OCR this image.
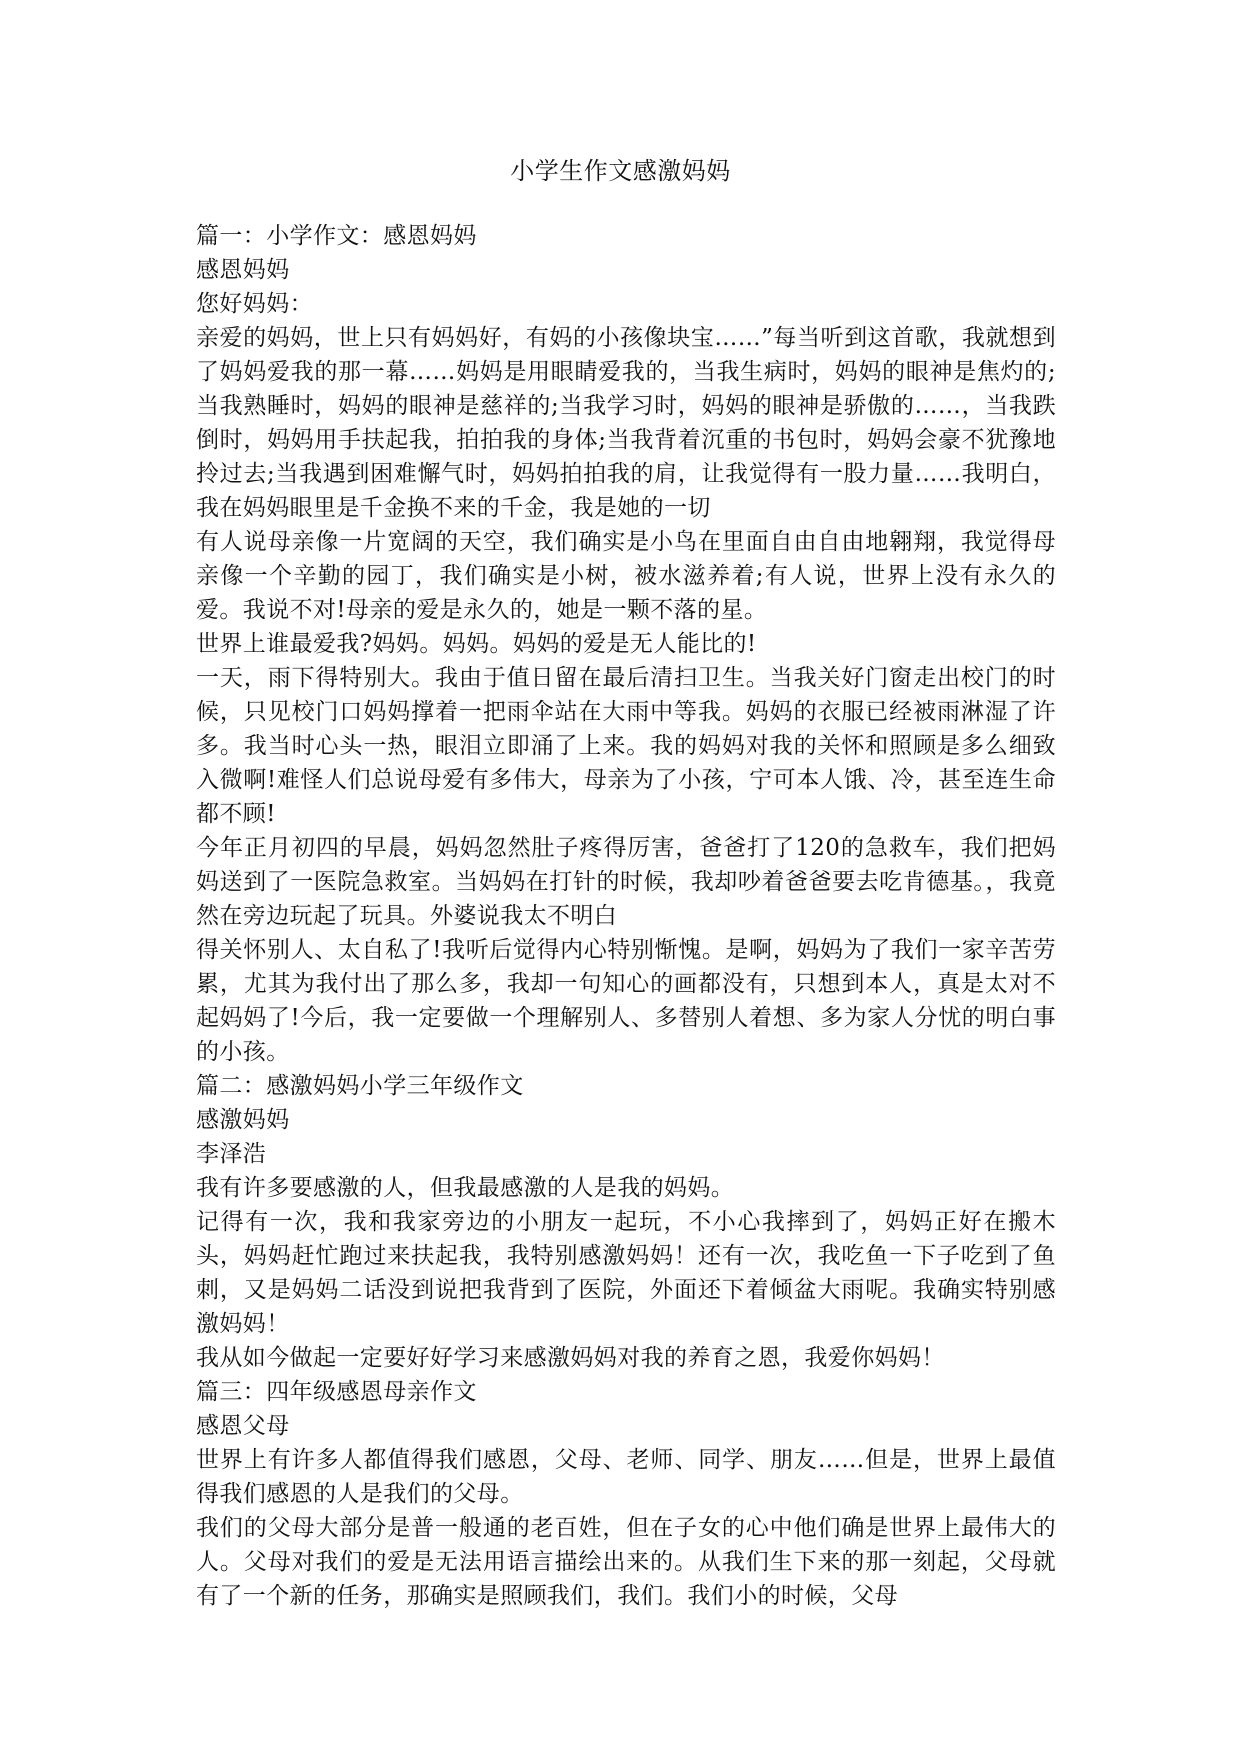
小学生作文感激妈妈

篇一：小学作文：感恩妈妈

感恩妈妈

您好妈妈：

亲爱的妈妈，世上只有妈妈好，有妈的小孩像块宝……”每当听到这首歌，我就想到了妈妈爱我的那一幕……妈妈是用眼睛爱我的，当我生病时，妈妈的眼神是焦灼的;当我熟睡时，妈妈的眼神是慈祥的;当我学习时，妈妈的眼神是骄傲的……，当我跌倒时，妈妈用手扶起我，拍拍我的身体;当我背着沉重的书包时，妈妈会豪不犹豫地拎过去;当我遇到困难懈气时，妈妈拍拍我的肩，让我觉得有一股力量……我明白，我在妈妈眼里是千金换不来的千金，我是她的一切

有人说母亲像一片宽阔的天空，我们确实是小鸟在里面自由自由地翱翔，我觉得母亲像一个辛勤的园丁，我们确实是小树，被水滋养着;有人说，世界上没有永久的爱。我说不对!母亲的爱是永久的，她是一颗不落的星。

世界上谁最爱我?妈妈。妈妈。妈妈的爱是无人能比的!

一天，雨下得特别大。我由于值日留在最后清扫卫生。当我关好门窗走出校门的时候，只见校门口妈妈撑着一把雨伞站在大雨中等我。妈妈的衣服已经被雨淋湿了许多。我当时心头一热，眼泪立即涌了上来。我的妈妈对我的关怀和照顾是多么细致入微啊!难怪人们总说母爱有多伟大，母亲为了小孩，宁可本人饿、冷，甚至连生命都不顾!

今年正月初四的早晨，妈妈忽然肚子疼得厉害，爸爸打了120的急救车，我们把妈妈送到了一医院急救室。当妈妈在打针的时候，我却吵着爸爸要去吃肯德基。，我竟然在旁边玩起了玩具。外婆说我太不明白

得关怀别人、太自私了!我听后觉得内心特别惭愧。是啊，妈妈为了我们一家辛苦劳累，尤其为我付出了那么多，我却一句知心的画都没有，只想到本人，真是太对不起妈妈了!今后，我一定要做一个理解别人、多替别人着想、多为家人分忧的明白事的小孩。

篇二：感激妈妈小学三年级作文

感激妈妈

李泽浩

我有许多要感激的人，但我最感激的人是我的妈妈。

记得有一次，我和我家旁边的小朋友一起玩，不小心我摔到了，妈妈正好在搬木头，妈妈赶忙跑过来扶起我，我特别感激妈妈！还有一次，我吃鱼一下子吃到了鱼刺，又是妈妈二话没到说把我背到了医院，外面还下着倾盆大雨呢。我确实特别感激妈妈！

我从如今做起一定要好好学习来感激妈妈对我的养育之恩，我爱你妈妈！

篇三：四年级感恩母亲作文

感恩父母

世界上有许多人都值得我们感恩，父母、老师、同学、朋友……但是，世界上最值得我们感恩的人是我们的父母。

我们的父母大部分是普一般通的老百姓，但在子女的心中他们确是世界上最伟大的人。父母对我们的爱是无法用语言描绘出来的。从我们生下来的那一刻起，父母就有了一个新的任务，那确实是照顾我们，我们。我们小的时候，父母
